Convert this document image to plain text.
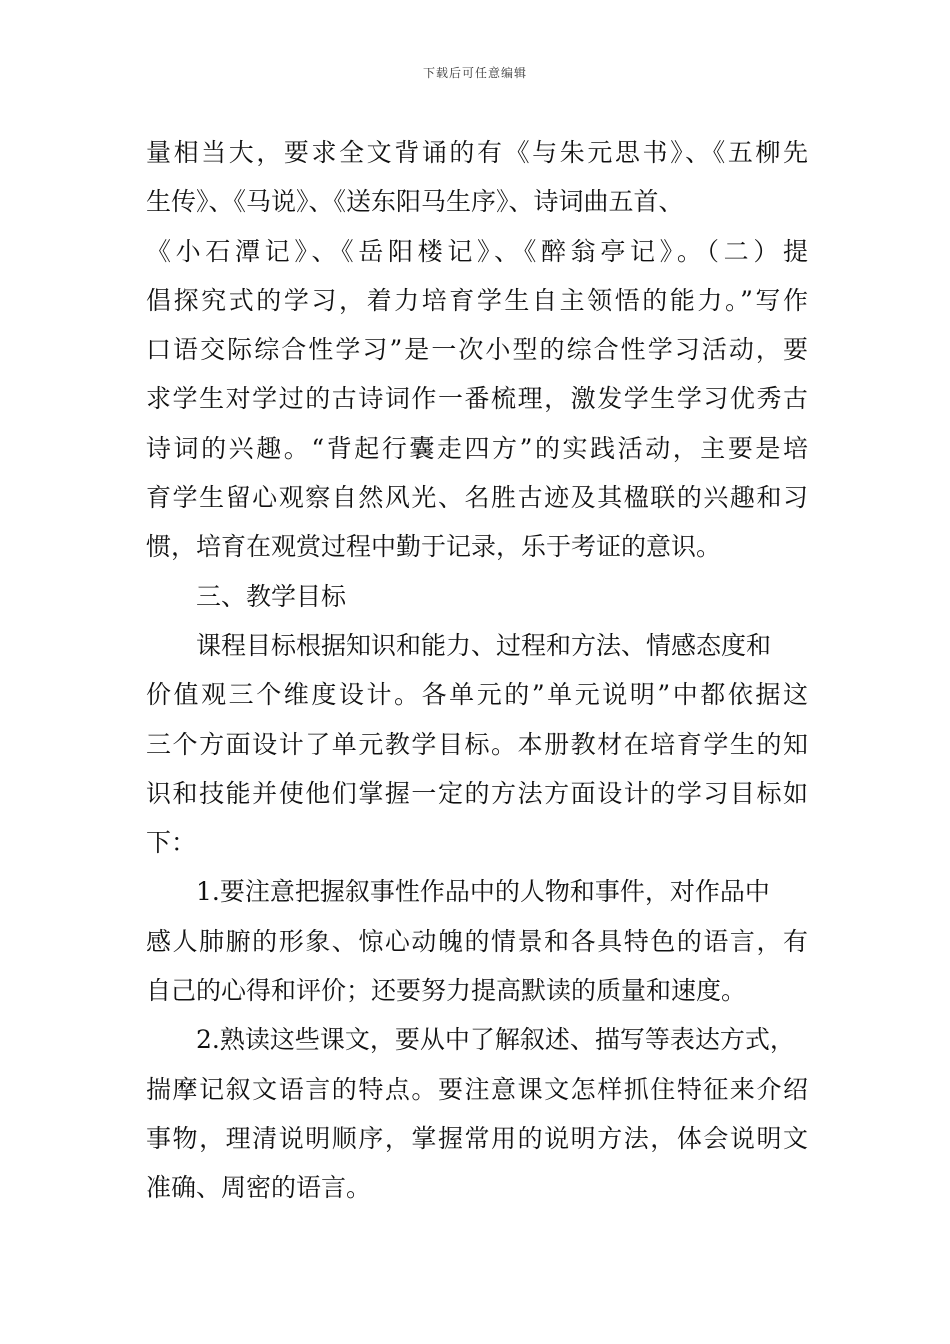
下载后可任意编辑
量相当大，要求全文背诵的有《与朱元思书》、《五柳先
生传》、《马说》、《送东阳马生序》、诗词曲五首、
《小石潭记》、《岳阳楼记》、《醉翁亭记》。（二）提
倡探究式的学习，着力培育学生自主领悟的能力。”写作
口语交际综合性学习”是一次小型的综合性学习活动，要
求学生对学过的古诗词作一番梳理，激发学生学习优秀古
诗词的兴趣。“背起行囊走四方”的实践活动，主要是培
育学生留心观察自然风光、名胜古迹及其楹联的兴趣和习
惯，培育在观赏过程中勤于记录，乐于考证的意识。
三、教学目标
课程目标根据知识和能力、过程和方法、情感态度和
价值观三个维度设计。各单元的”单元说明”中都依据这
三个方面设计了单元教学目标。本册教材在培育学生的知
识和技能并使他们掌握一定的方法方面设计的学习目标如
下：
1.要注意把握叙事性作品中的人物和事件，对作品中
感人肺腑的形象、惊心动魄的情景和各具特色的语言，有
自己的心得和评价；还要努力提高默读的质量和速度。
2.熟读这些课文，要从中了解叙述、描写等表达方式，
揣摩记叙文语言的特点。要注意课文怎样抓住特征来介绍
事物，理清说明顺序，掌握常用的说明方法，体会说明文
准确、周密的语言。
